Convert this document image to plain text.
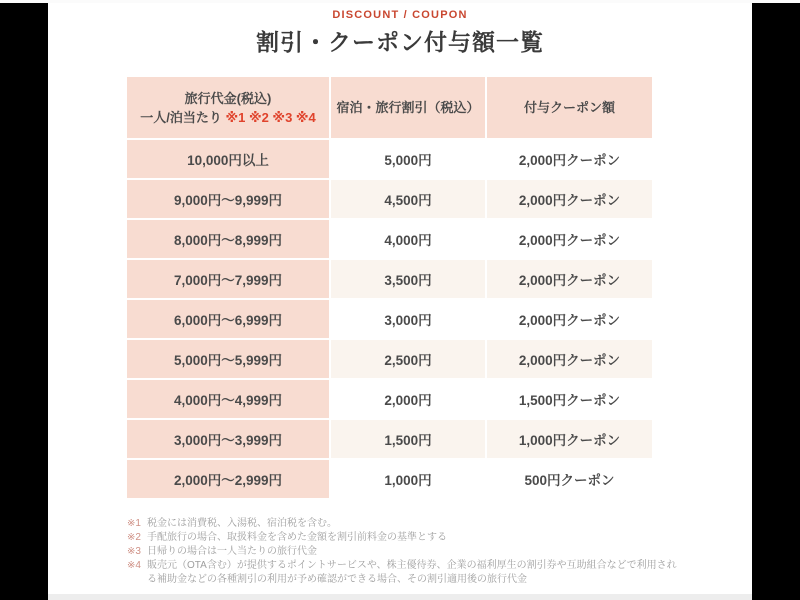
DISCOUNT / COUPON
割引・クーポン付与額一覧
旅行代金(税込)
一人/泊当たり ※1 ※2 ※3 ※4
宿泊・旅行割引（税込）	付与クーポン額
10,000円以上	5,000円	2,000円クーポン
9,000円〜9,999円	4,500円	2,000円クーポン
8,000円〜8,999円	4,000円	2,000円クーポン
7,000円〜7,999円	3,500円	2,000円クーポン
6,000円〜6,999円	3,000円	2,000円クーポン
5,000円〜5,999円	2,500円	2,000円クーポン
4,000円〜4,999円	2,000円	1,500円クーポン
3,000円〜3,999円	1,500円	1,000円クーポン
2,000円〜2,999円	1,000円	500円クーポン
※1 税金には消費税、入湯税、宿泊税を含む。
※2 手配旅行の場合、取扱料金を含めた金額を割引前料金の基準とする
※3 日帰りの場合は一人当たりの旅行代金
※4 販売元（OTA含む）が提供するポイントサービスや、株主優待券、企業の福利厚生の割引券や互助組合などで利用される補助金などの各種割引の利用が予め確認ができる場合、その割引適用後の旅行代金
